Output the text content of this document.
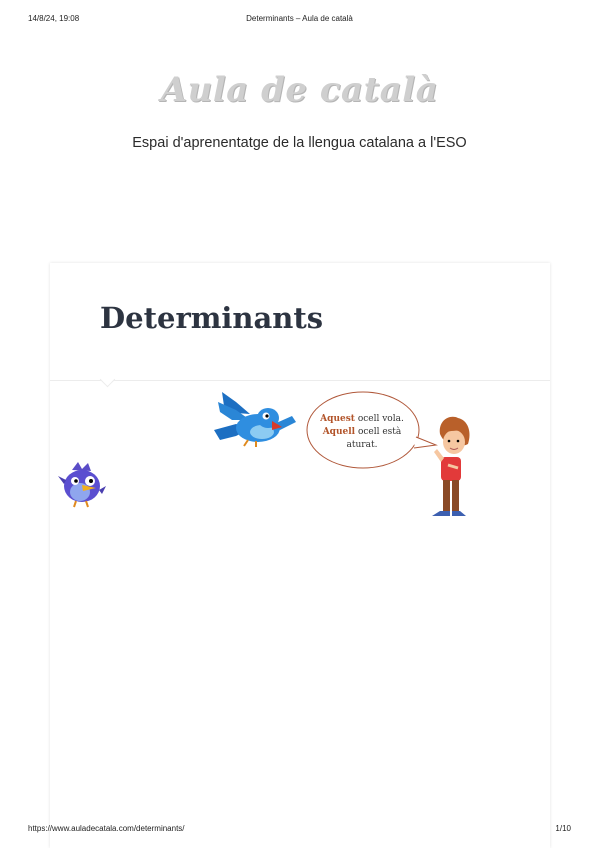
14/8/24, 19:08	Determinants – Aula de català
Aula de català
Espai d'aprenentatge de la llengua catalana a l'ESO
Determinants
Aquest ocell vola.
Aquell ocell està
aturat.
https://www.auladecatala.com/determinants/	1/10
